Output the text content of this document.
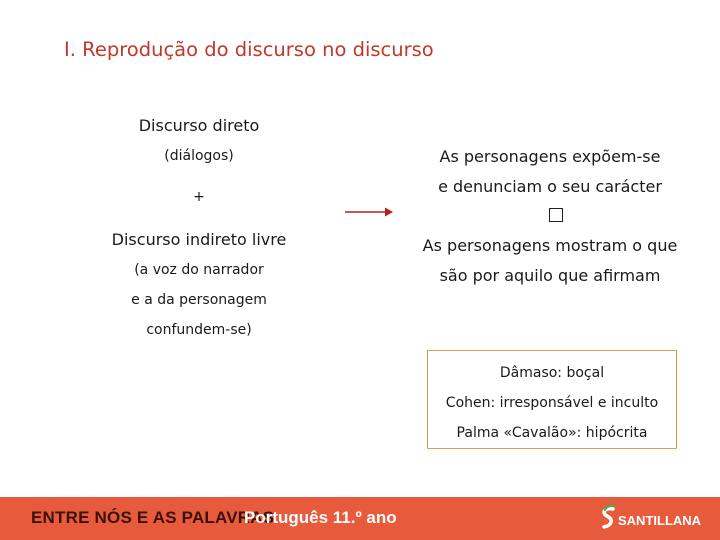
I. Reprodução do discurso no discurso
Discurso direto
(diálogos)
+
Discurso indireto livre
(a voz do narrador
e a da personagem
confundem-se)
As personagens expõem-se
e denunciam o seu carácter
As personagens mostram o que
são por aquilo que afirmam
Dâmaso: boçal
Cohen: irresponsável e inculto
Palma «Cavalão»: hipócrita
ENTRE NÓS E AS PALAVRAS
Português 11.º ano	SANTILLANA
